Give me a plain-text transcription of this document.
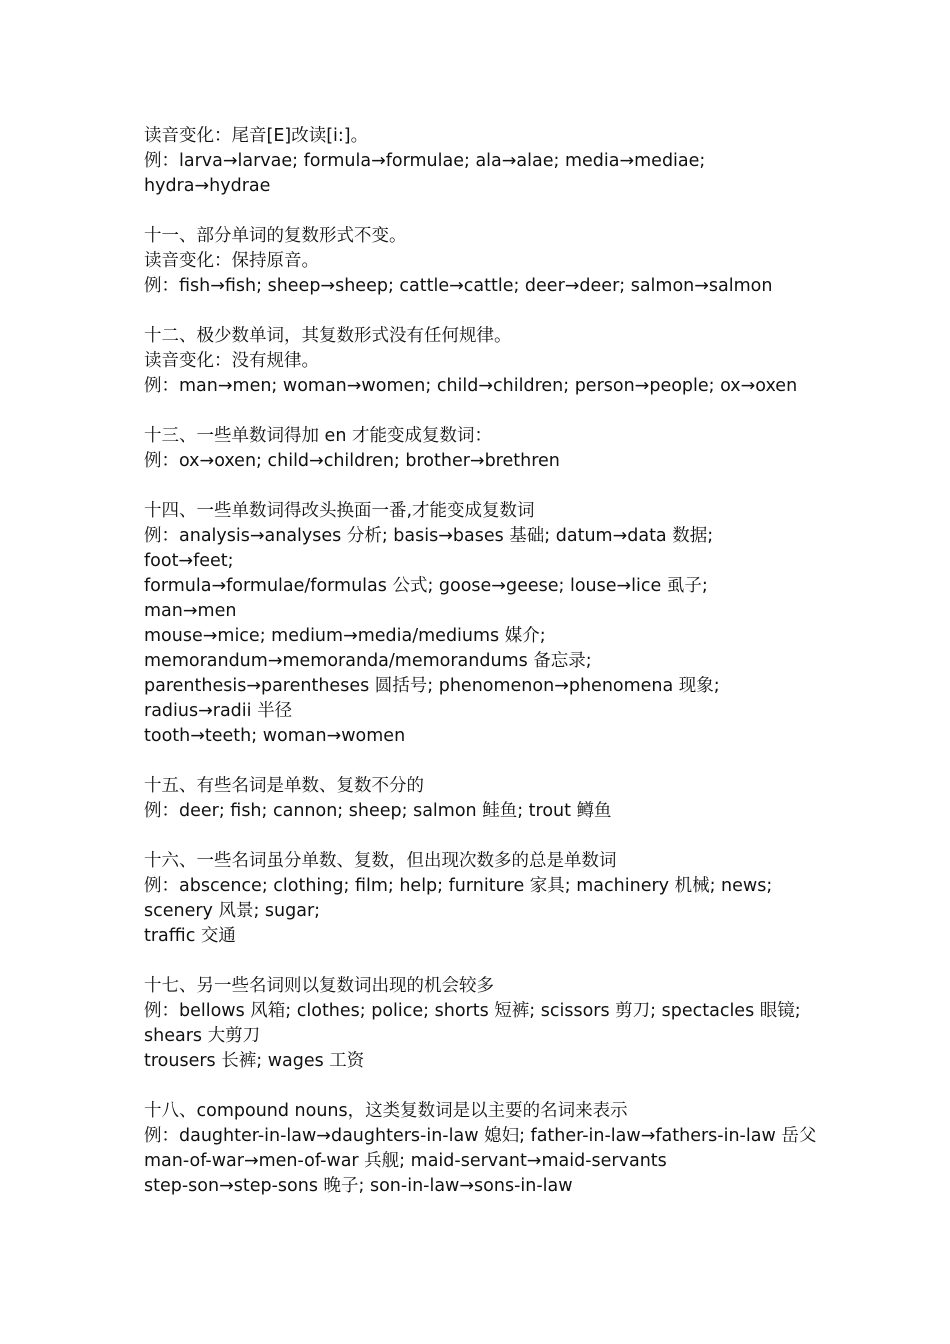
读音变化：尾音[E]改读[i:]。
例：larva→larvae; formula→formulae; ala→alae; media→mediae;
hydra→hydrae
十一、部分单词的复数形式不变。
读音变化：保持原音。
例：fish→fish; sheep→sheep; cattle→cattle; deer→deer; salmon→salmon
十二、极少数单词，其复数形式没有任何规律。
读音变化：没有规律。
例：man→men; woman→women; child→children; person→people; ox→oxen
十三、一些单数词得加 en 才能变成复数词：
例：ox→oxen; child→children; brother→brethren
十四、一些单数词得改头换面一番,才能变成复数词
例：analysis→analyses 分析; basis→bases 基础; datum→data 数据;
foot→feet;
formula→formulae/formulas 公式; goose→geese; louse→lice 虱子;
man→men
mouse→mice; medium→media/mediums 媒介;
memorandum→memoranda/memorandums 备忘录;
parenthesis→parentheses 圆括号; phenomenon→phenomena 现象;
radius→radii 半径
tooth→teeth; woman→women
十五、有些名词是单数、复数不分的
例：deer; fish; cannon; sheep; salmon 鲑鱼; trout 鳟鱼
十六、一些名词虽分单数、复数，但出现次数多的总是单数词
例：abscence; clothing; film; help; furniture 家具; machinery 机械; news;
scenery 风景; sugar;
traffic 交通
十七、另一些名词则以复数词出现的机会较多
例：bellows 风箱; clothes; police; shorts 短裤; scissors 剪刀; spectacles 眼镜;
shears 大剪刀
trousers 长裤; wages 工资
十八、compound nouns，这类复数词是以主要的名词来表示
例：daughter-in-law→daughters-in-law 媳妇; father-in-law→fathers-in-law 岳父
man-of-war→men-of-war 兵舰; maid-servant→maid-servants
step-son→step-sons 晚子; son-in-law→sons-in-law
